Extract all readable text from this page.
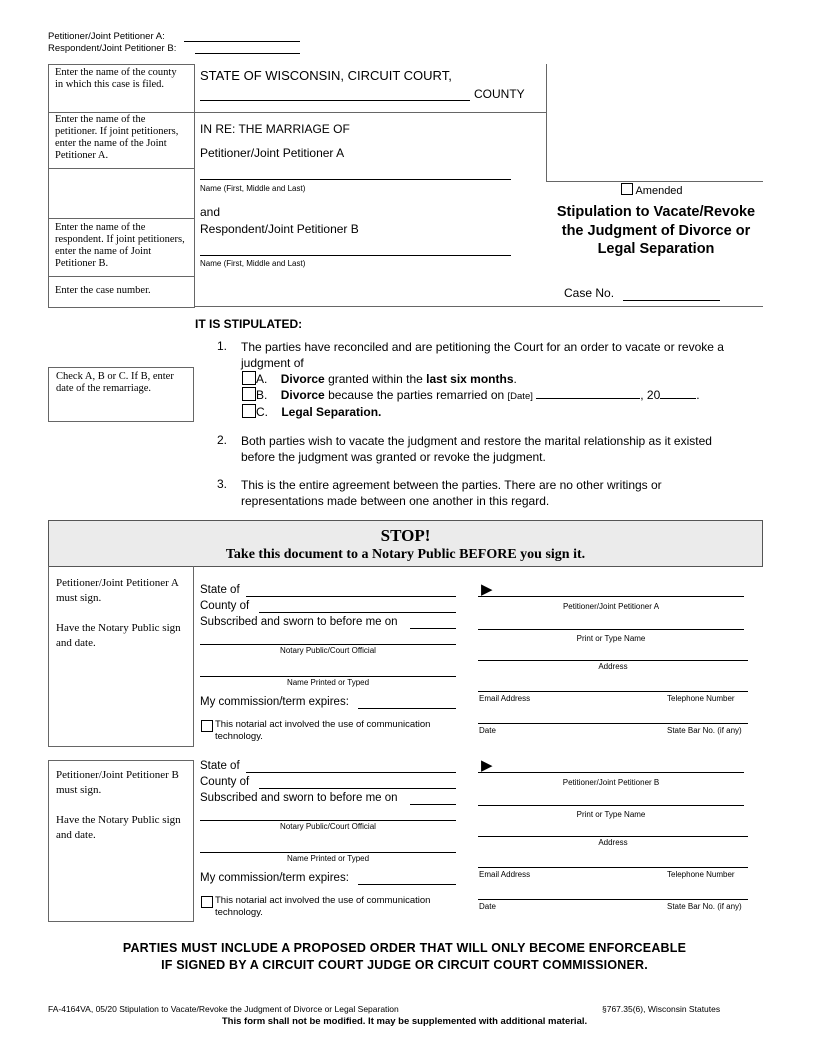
Petitioner/Joint Petitioner A:
Respondent/Joint Petitioner B:
Enter the name of the county in which this case is filed.
Enter the name of the petitioner. If joint petitioners, enter the name of the Joint Petitioner A.
Enter the name of the respondent. If joint petitioners, enter the name of Joint Petitioner B.
Enter the case number.
STATE OF WISCONSIN, CIRCUIT COURT,
COUNTY
IN RE: THE MARRIAGE OF
Petitioner/Joint Petitioner A
Name (First, Middle and Last)
and
Respondent/Joint Petitioner B
Name (First, Middle and Last)
Amended
Stipulation to Vacate/Revoke the Judgment of Divorce or Legal Separation
Case No.
IT IS STIPULATED:
1. The parties have reconciled and are petitioning the Court for an order to vacate or revoke a judgment of
Check A, B or C. If B, enter date of the remarriage.
A. Divorce granted within the last six months.
B. Divorce because the parties remarried on [Date]	, 20	.
C. Legal Separation.
2. Both parties wish to vacate the judgment and restore the marital relationship as it existed before the judgment was granted or revoke the judgment.
3. This is the entire agreement between the parties. There are no other writings or representations made between one another in this regard.
STOP!
Take this document to a Notary Public BEFORE you sign it.
Petitioner/Joint Petitioner A must sign.
Have the Notary Public sign and date.
State of
County of
Subscribed and sworn to before me on
Notary Public/Court Official
Name Printed or Typed
My commission/term expires:
This notarial act involved the use of communication technology.
▶
Petitioner/Joint Petitioner A
Print or Type Name
Address
Email Address	Telephone Number
Date	State Bar No. (if any)
Petitioner/Joint Petitioner B must sign.
Have the Notary Public sign and date.
State of
County of
Subscribed and sworn to before me on
Notary Public/Court Official
Name Printed or Typed
My commission/term expires:
This notarial act involved the use of communication technology.
▶
Petitioner/Joint Petitioner B
Print or Type Name
Address
Email Address	Telephone Number
Date	State Bar No. (if any)
PARTIES MUST INCLUDE A PROPOSED ORDER THAT WILL ONLY BECOME ENFORCEABLE
IF SIGNED BY A CIRCUIT COURT JUDGE OR CIRCUIT COURT COMMISSIONER.
FA-4164VA, 05/20 Stipulation to Vacate/Revoke the Judgment of Divorce or Legal Separation	§767.35(6), Wisconsin Statutes
This form shall not be modified. It may be supplemented with additional material.
